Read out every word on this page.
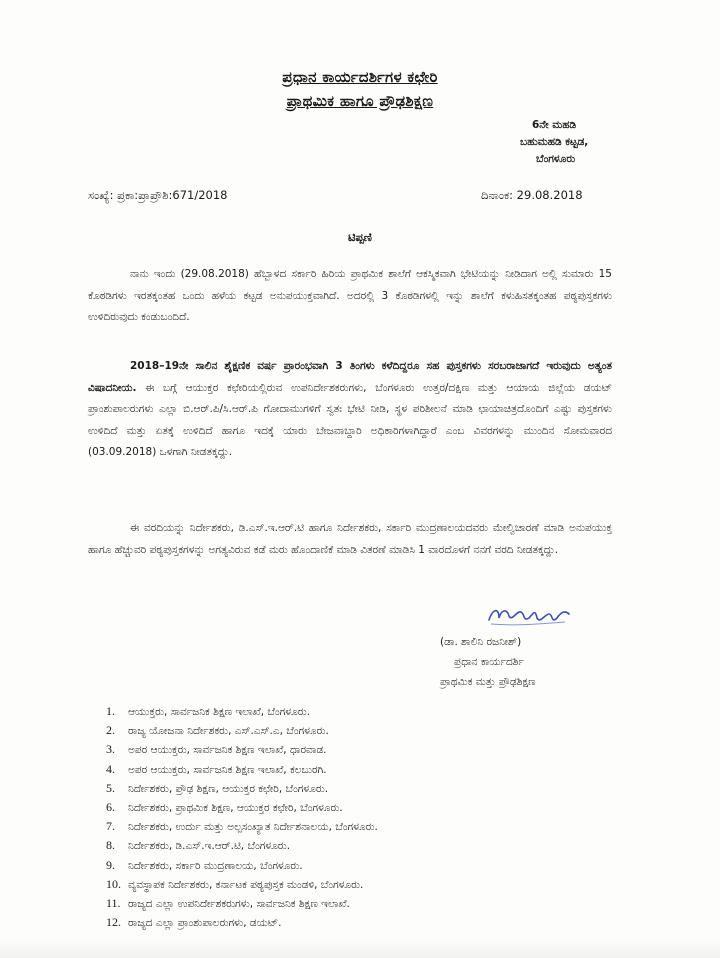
ಪ್ರಧಾನ ಕಾರ್ಯದರ್ಶಿಗಳ ಕಛೇರಿ
ಪ್ರಾಥಮಿಕ ಹಾಗೂ ಪ್ರೌಢಶಿಕ್ಷಣ
6ನೇ ಮಹಡಿ
ಬಹುಮಹಡಿ ಕಟ್ಟಡ,
ಬೆಂಗಳೂರು
ಸಂಖ್ಯೆ: ಪ್ರಕಾ:ಪ್ರಾಪ್ರೌಶಿ:671/2018	ದಿನಾಂಕ: 29.08.2018
ಟಿಪ್ಪಣಿ
ನಾನು ಇಂದು (29.08.2018) ಹೆಬ್ಬಾಳದ ಸರ್ಕಾರಿ ಹಿರಿಯ ಪ್ರಾಥಮಿಕ ಶಾಲೆಗೆ ಆಕಸ್ಮಿಕವಾಗಿ ಭೇಟಿಯನ್ನು ನೀಡಿದಾಗ ಅಲ್ಲಿ ಸುಮಾರು 15 ಕೊಠಡಿಗಳು ಇರತಕ್ಕಂತಹ ಒಂದು ಹಳೆಯ ಕಟ್ಟಡ ಅನುಪಯುಕ್ತವಾಗಿದೆ. ಅದರಲ್ಲಿ 3 ಕೊಠಡಿಗಳಲ್ಲಿ ಇನ್ನು ಶಾಲೆಗೆ ಕಳುಹಿಸತಕ್ಕಂತಹ ಪಠ್ಯಪುಸ್ತಕಗಳು ಉಳಿದಿರುವುದು ಕಂಡುಬಂದಿದೆ.
2018–19ನೇ ಸಾಲಿನ ಶೈಕ್ಷಣಿಕ ವರ್ಷ ಪ್ರಾರಂಭವಾಗಿ 3 ತಿಂಗಳು ಕಳೆದಿದ್ದರೂ ಸಹ ಪುಸ್ತಕಗಳು ಸರಬರಾಜಾಗದೆ ಇರುವುದು ಅತ್ಯಂತ ವಿಷಾದನೀಯ. ಈ ಬಗ್ಗೆ ಆಯುಕ್ತರ ಕಛೇರಿಯಲ್ಲಿರುವ ಉಪನಿರ್ದೇಶಕರುಗಳು, ಬೆಂಗಳೂರು ಉತ್ತರ/ದಕ್ಷಿಣ ಮತ್ತು ಆಯಾಯ ಜಿಲ್ಲೆಯ ಡಯಟ್ ಪ್ರಾಂಶುಪಾಲರುಗಳು ಎಲ್ಲಾ ಬಿ.ಆರ್.ಪಿ/ಸಿ.ಆರ್.ಪಿ ಗೋದಾಮುಗಳಿಗೆ ಸ್ವತಃ ಭೇಟಿ ನೀಡಿ, ಸ್ಥಳ ಪರಿಶೀಲನೆ ಮಾಡಿ ಛಾಯಾಚಿತ್ರದೊಂದಿಗೆ ಎಷ್ಟು ಪುಸ್ತಕಗಳು ಉಳಿದಿದೆ ಮತ್ತು ಏತಕ್ಕೆ ಉಳಿದಿದೆ ಹಾಗೂ ಇದಕ್ಕೆ ಯಾರು ಬೇಜವಾಬ್ದಾರಿ ಅಧಿಕಾರಿಗಳಾಗಿದ್ದಾರೆ ಎಂಬ ವಿವರಗಳನ್ನು ಮುಂದಿನ ಸೋಮವಾರದ (03.09.2018) ಒಳಗಾಗಿ ನೀಡತಕ್ಕದ್ದು.
ಈ ವರದಿಯನ್ನು ನಿರ್ದೇಶಕರು, ಡಿ.ಎಸ್.ಇ.ಆರ್.ಟಿ ಹಾಗೂ ನಿರ್ದೇಶಕರು, ಸರ್ಕಾರಿ ಮುದ್ರಣಾಲಯದವರು ಮೇಲ್ವಿಚಾರಣೆ ಮಾಡಿ ಅನುಪಯುಕ್ತ ಹಾಗೂ ಹೆಚ್ಚುವರಿ ಪಠ್ಯಪುಸ್ತಕಗಳನ್ನು ಅಗತ್ಯವಿರುವ ಕಡೆ ಮರು ಹೊಂದಾಣಿಕೆ ಮಾಡಿ ವಿತರಣೆ ಮಾಡಿಸಿ 1 ವಾರದೊಳಗೆ ನನಗೆ ವರದಿ ನೀಡತಕ್ಕದ್ದು.
(ಡಾ. ಶಾಲಿನಿ ರಜನೀಶ್)
ಪ್ರಧಾನ ಕಾರ್ಯದರ್ಶಿ
ಪ್ರಾಥಮಿಕ ಮತ್ತು ಪ್ರೌಢಶಿಕ್ಷಣ
1. ಆಯುಕ್ತರು, ಸಾರ್ವಜನಿಕ ಶಿಕ್ಷಣ ಇಲಾಖೆ, ಬೆಂಗಳೂರು.
2. ರಾಜ್ಯ ಯೋಜನಾ ನಿರ್ದೇಶಕರು, ಎಸ್.ಎಸ್.ಎ, ಬೆಂಗಳೂರು.
3. ಅಪರ ಆಯುಕ್ತರು, ಸಾರ್ವಜನಿಕ ಶಿಕ್ಷಣ ಇಲಾಖೆ, ಧಾರವಾಡ.
4. ಅಪರ ಆಯುಕ್ತರು, ಸಾರ್ವಜನಿಕ ಶಿಕ್ಷಣ ಇಲಾಖೆ, ಕಲಬುರಗಿ.
5. ನಿರ್ದೇಶಕರು, ಪ್ರೌಢ ಶಿಕ್ಷಣ, ಆಯುಕ್ತರ ಕಛೇರಿ, ಬೆಂಗಳೂರು.
6. ನಿರ್ದೇಶಕರು, ಪ್ರಾಥಮಿಕ ಶಿಕ್ಷಣ, ಆಯುಕ್ತರ ಕಛೇರಿ, ಬೆಂಗಳೂರು.
7. ನಿರ್ದೇಶಕರು, ಉರ್ದು ಮತ್ತು ಅಲ್ಪಸಂಖ್ಯಾತ ನಿರ್ದೇಶನಾಲಯ, ಬೆಂಗಳೂರು.
8. ನಿರ್ದೇಶಕರು, ಡಿ.ಎಸ್.ಇ.ಆರ್.ಟಿ, ಬೆಂಗಳೂರು.
9. ನಿರ್ದೇಶಕರು, ಸರ್ಕಾರಿ ಮುದ್ರಣಾಲಯ, ಬೆಂಗಳೂರು.
10. ವ್ಯವಸ್ಥಾಪಕ ನಿರ್ದೇಶಕರು, ಕರ್ನಾಟಕ ಪಠ್ಯಪುಸ್ತಕ ಮಂಡಳಿ, ಬೆಂಗಳೂರು.
11. ರಾಜ್ಯದ ಎಲ್ಲಾ ಉಪನಿರ್ದೇಶಕರುಗಳು, ಸಾರ್ವಜನಿಕ ಶಿಕ್ಷಣ ಇಲಾಖೆ.
12. ರಾಜ್ಯದ ಎಲ್ಲಾ ಪ್ರಾಂಶುಪಾಲರುಗಳು, ಡಯಟ್.
